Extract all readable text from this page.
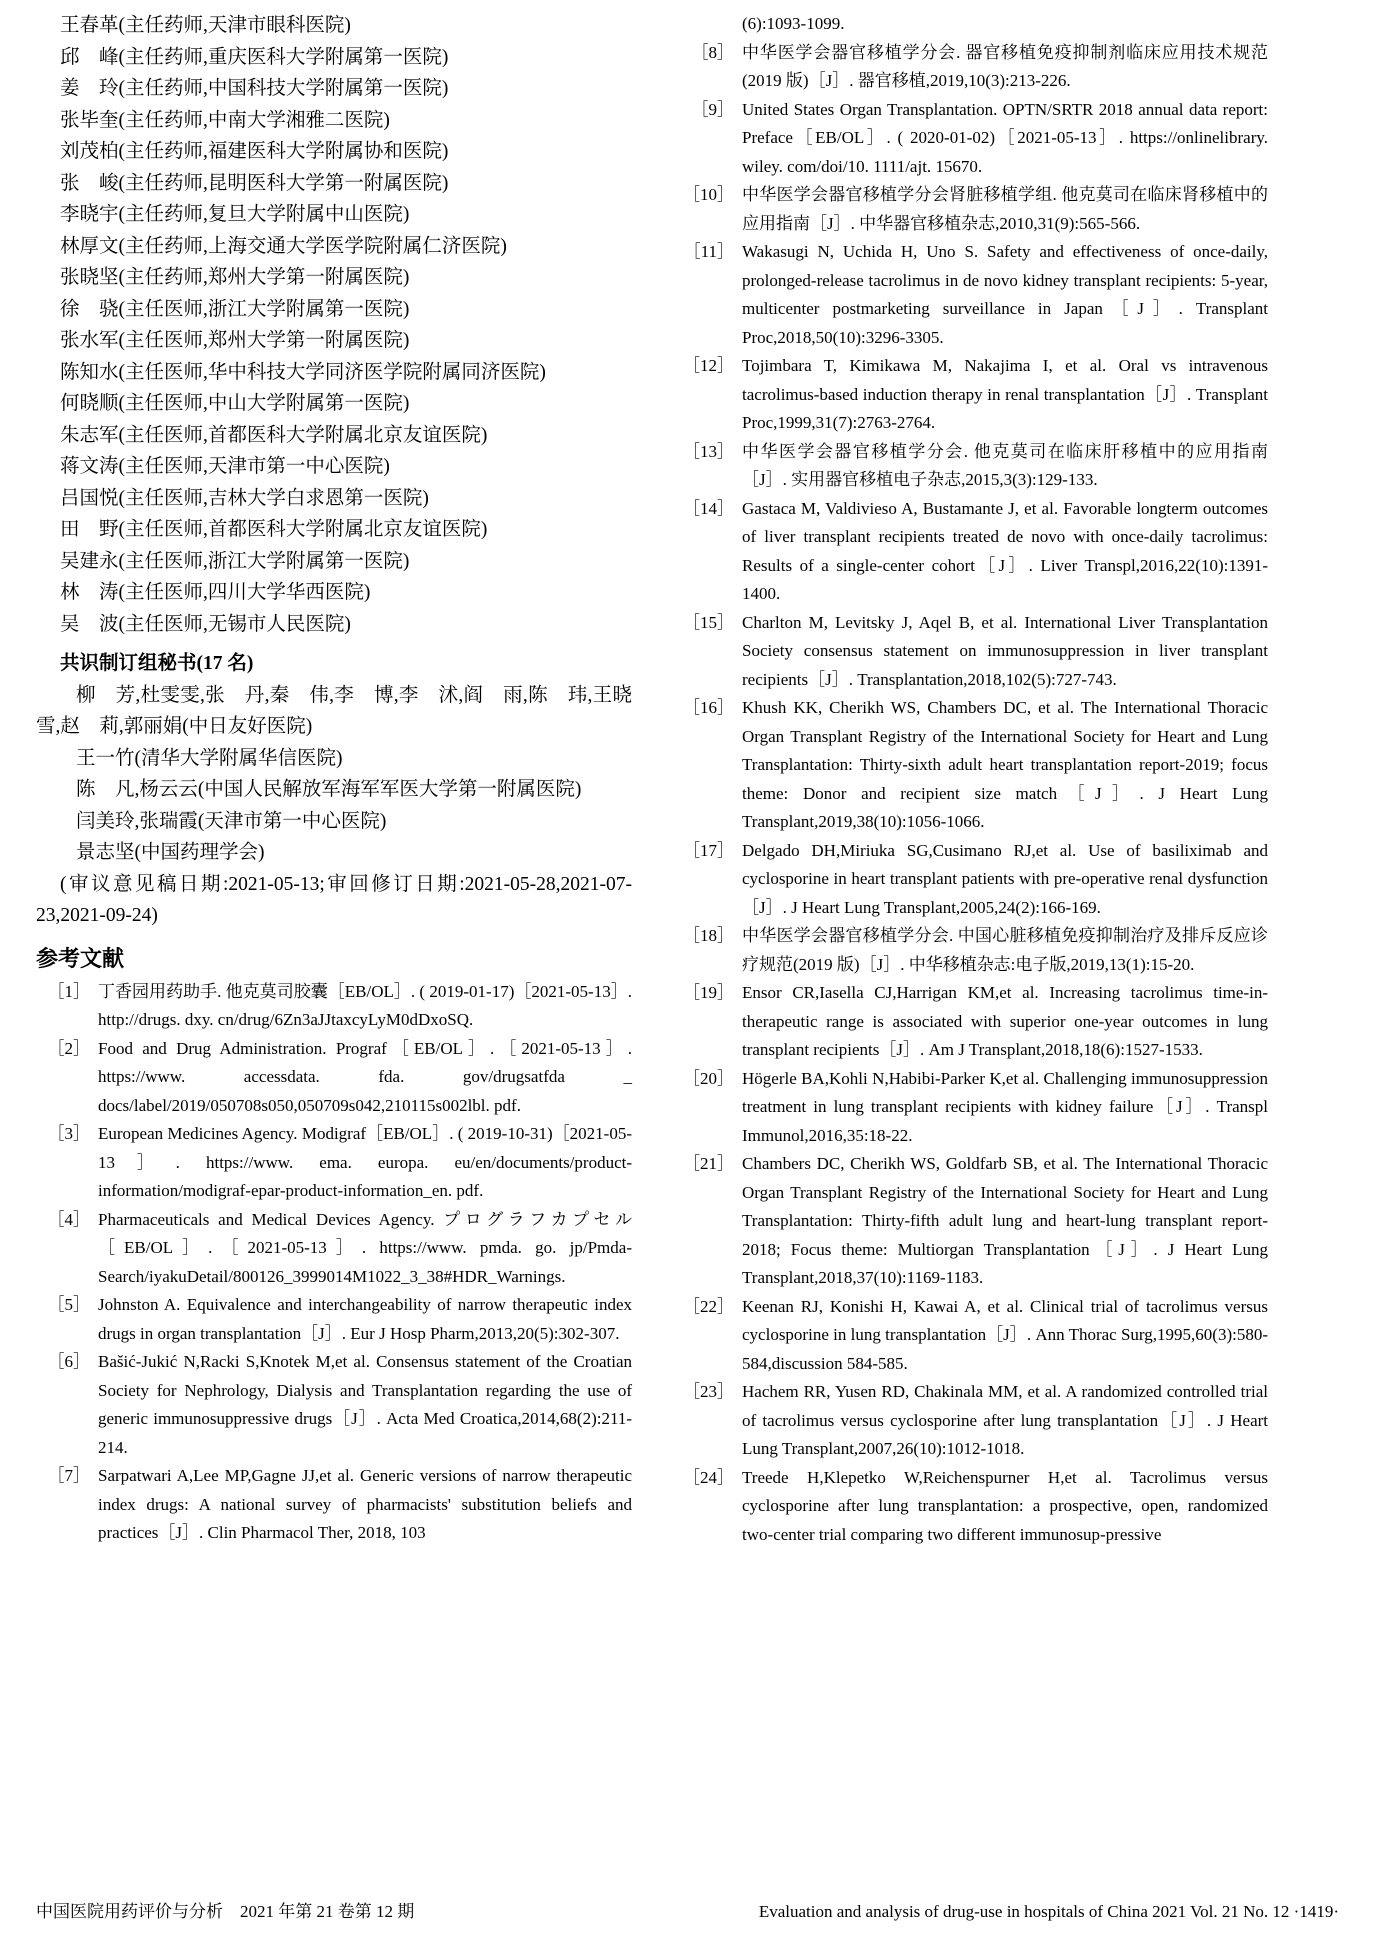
王春革(主任药师,天津市眼科医院)
邱　峰(主任药师,重庆医科大学附属第一医院)
姜　玲(主任药师,中国科技大学附属第一医院)
张毕奎(主任药师,中南大学湘雅二医院)
刘茂柏(主任药师,福建医科大学附属协和医院)
张　峻(主任药师,昆明医科大学第一附属医院)
李晓宇(主任药师,复旦大学附属中山医院)
林厚文(主任药师,上海交通大学医学院附属仁济医院)
张晓坚(主任药师,郑州大学第一附属医院)
徐　骁(主任医师,浙江大学附属第一医院)
张水军(主任医师,郑州大学第一附属医院)
陈知水(主任医师,华中科技大学同济医学院附属同济医院)
何晓顺(主任医师,中山大学附属第一医院)
朱志军(主任医师,首都医科大学附属北京友谊医院)
蒋文涛(主任医师,天津市第一中心医院)
吕国悦(主任医师,吉林大学白求恩第一医院)
田　野(主任医师,首都医科大学附属北京友谊医院)
吴建永(主任医师,浙江大学附属第一医院)
林　涛(主任医师,四川大学华西医院)
吴　波(主任医师,无锡市人民医院)
共识制订组秘书(17 名)
柳　芳,杜雯雯,张　丹,秦　伟,李　博,李　沭,阎　雨,陈　玮,王晓雪,赵　莉,郭丽娟(中日友好医院)
王一竹(清华大学附属华信医院)
陈　凡,杨云云(中国人民解放军海军军医大学第一附属医院)
闫美玲,张瑞霞(天津市第一中心医院)
景志坚(中国药理学会)
(审议意见稿日期:2021-05-13;审回修订日期:2021-05-28,2021-07-23,2021-09-24)
参考文献
［1］ 丁香园用药助手. 他克莫司胶囊［EB/OL］. ( 2019-01-17)［2021-05-13］. http://drugs. dxy. cn/drug/6Zn3aJJtaxcyLyM0dDxoSQ.
［2］ Food and Drug Administration. Prograf［EB/OL］.［2021-05-13］. https://www. accessdata. fda. gov/drugsatfda _ docs/label/2019/050708s050,050709s042,210115s002lbl. pdf.
［3］ European Medicines Agency. Modigraf［EB/OL］. ( 2019-10-31)［2021-05-13］. https://www. ema. europa. eu/en/documents/product-information/modigraf-epar-product-information_en. pdf.
［4］ Pharmaceuticals and Medical Devices Agency. プログラフカプセル［EB/OL］.［2021-05-13］. https://www. pmda. go. jp/Pmda-Search/iyakuDetail/800126_3999014M1022_3_38#HDR_Warnings.
［5］ Johnston A. Equivalence and interchangeability of narrow therapeutic index drugs in organ transplantation［J］. Eur J Hosp Pharm,2013,20(5):302-307.
［6］ Bašić-Jukić N,Racki S,Knotek M,et al. Consensus statement of the Croatian Society for Nephrology, Dialysis and Transplantation regarding the use of generic immunosuppressive drugs［J］. Acta Med Croatica,2014,68(2):211-214.
［7］ Sarpatwari A,Lee MP,Gagne JJ,et al. Generic versions of narrow therapeutic index drugs: A national survey of pharmacists' substitution beliefs and practices［J］. Clin Pharmacol Ther, 2018, 103
(6):1093-1099.
［8］ 中华医学会器官移植学分会. 器官移植免疫抑制剂临床应用技术规范(2019 版)［J］. 器官移植,2019,10(3):213-226.
［9］ United States Organ Transplantation. OPTN/SRTR 2018 annual data report: Preface［EB/OL］. ( 2020-01-02)［2021-05-13］. https://onlinelibrary. wiley. com/doi/10. 1111/ajt. 15670.
［10］ 中华医学会器官移植学分会肾脏移植学组. 他克莫司在临床肾移植中的应用指南［J］. 中华器官移植杂志,2010,31(9):565-566.
［11］ Wakasugi N, Uchida H, Uno S. Safety and effectiveness of once-daily, prolonged-release tacrolimus in de novo kidney transplant recipients: 5-year, multicenter postmarketing surveillance in Japan［J］. Transplant Proc,2018,50(10):3296-3305.
［12］ Tojimbara T, Kimikawa M, Nakajima I, et al. Oral vs intravenous tacrolimus-based induction therapy in renal transplantation［J］. Transplant Proc,1999,31(7):2763-2764.
［13］ 中华医学会器官移植学分会. 他克莫司在临床肝移植中的应用指南［J］. 实用器官移植电子杂志,2015,3(3):129-133.
［14］ Gastaca M, Valdivieso A, Bustamante J, et al. Favorable longterm outcomes of liver transplant recipients treated de novo with once-daily tacrolimus: Results of a single-center cohort［J］. Liver Transpl,2016,22(10):1391-1400.
［15］ Charlton M, Levitsky J, Aqel B, et al. International Liver Transplantation Society consensus statement on immunosuppression in liver transplant recipients［J］. Transplantation,2018,102(5):727-743.
［16］ Khush KK, Cherikh WS, Chambers DC, et al. The International Thoracic Organ Transplant Registry of the International Society for Heart and Lung Transplantation: Thirty-sixth adult heart transplantation report-2019; focus theme: Donor and recipient size match［J］. J Heart Lung Transplant,2019,38(10):1056-1066.
［17］ Delgado DH,Miriuka SG,Cusimano RJ,et al. Use of basiliximab and cyclosporine in heart transplant patients with pre-operative renal dysfunction［J］. J Heart Lung Transplant,2005,24(2):166-169.
［18］ 中华医学会器官移植学分会. 中国心脏移植免疫抑制治疗及排斥反应诊疗规范(2019 版)［J］. 中华移植杂志:电子版,2019,13(1):15-20.
［19］ Ensor CR,Iasella CJ,Harrigan KM,et al. Increasing tacrolimus time-in-therapeutic range is associated with superior one-year outcomes in lung transplant recipients［J］. Am J Transplant,2018,18(6):1527-1533.
［20］ Högerle BA,Kohli N,Habibi-Parker K,et al. Challenging immunosuppression treatment in lung transplant recipients with kidney failure［J］. Transpl Immunol,2016,35:18-22.
［21］ Chambers DC, Cherikh WS, Goldfarb SB, et al. The International Thoracic Organ Transplant Registry of the International Society for Heart and Lung Transplantation: Thirty-fifth adult lung and heart-lung transplant report-2018; Focus theme: Multiorgan Transplantation［J］. J Heart Lung Transplant,2018,37(10):1169-1183.
［22］ Keenan RJ, Konishi H, Kawai A, et al. Clinical trial of tacrolimus versus cyclosporine in lung transplantation［J］. Ann Thorac Surg,1995,60(3):580-584,discussion 584-585.
［23］ Hachem RR, Yusen RD, Chakinala MM, et al. A randomized controlled trial of tacrolimus versus cyclosporine after lung transplantation［J］. J Heart Lung Transplant,2007,26(10):1012-1018.
［24］ Treede H,Klepetko W,Reichenspurner H,et al. Tacrolimus versus cyclosporine after lung transplantation: a prospective, open, randomized two-center trial comparing two different immunosup-pressive
中国医院用药评价与分析　2021 年第 21 卷第 12 期	Evaluation and analysis of drug-use in hospitals of China 2021 Vol. 21 No. 12 ·1419·
